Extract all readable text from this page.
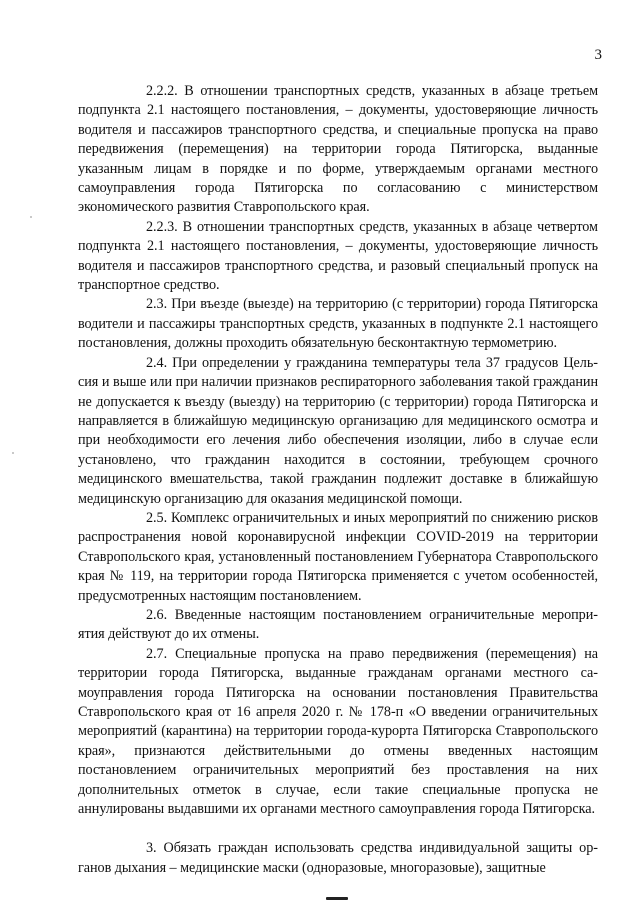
3

2.2.2. В отношении транспортных средств, указанных в абзаце третьем подпункта 2.1 настоящего постановления, – документы, удостоверяющие личность водителя и пассажиров транспортного средства, и специальные пропуска на право передвижения (перемещения) на территории города Пятигорска, выданные указанным лицам в порядке и по форме, утверждаемым органами местного самоуправления города Пятигорска по согласованию с министерством экономического развития Ставропольского края.

2.2.3. В отношении транспортных средств, указанных в абзаце четвертом подпункта 2.1 настоящего постановления, – документы, удостоверяющие личность водителя и пассажиров транспортного средства, и разовый специальный пропуск на транспортное средство.

2.3. При въезде (выезде) на территорию (с территории) города Пятигорска водители и пассажиры транспортных средств, указанных в подпункте 2.1 настоящего постановления, должны проходить обязательную бесконтактную термометрию.

2.4. При определении у гражданина температуры тела 37 градусов Цельсия и выше или при наличии признаков респираторного заболевания такой гражданин не допускается к въезду (выезду) на территорию (с территории) города Пятигорска и направляется в ближайшую медицинскую организацию для медицинского осмотра и при необходимости его лечения либо обеспечения изоляции, либо в случае если установлено, что гражданин находится в состоянии, требующем срочного медицинского вмешательства, такой гражданин подлежит доставке в ближайшую медицинскую организацию для оказания медицинской помощи.

2.5. Комплекс ограничительных и иных мероприятий по снижению рисков распространения новой коронавирусной инфекции COVID-2019 на территории Ставропольского края, установленный постановлением Губернатора Ставропольского края № 119, на территории города Пятигорска применяется с учетом особенностей, предусмотренных настоящим постановлением.

2.6. Введенные настоящим постановлением ограничительные мероприятия действуют до их отмены.

2.7. Специальные пропуска на право передвижения (перемещения) на территории города Пятигорска, выданные гражданам органами местного самоуправления города Пятигорска на основании постановления Правительства Ставропольского края от 16 апреля 2020 г. № 178-п «О введении ограничительных мероприятий (карантина) на территории города-курорта Пятигорска Ставропольского края», признаются действительными до отмены введенных настоящим постановлением ограничительных мероприятий без проставления на них дополнительных отметок в случае, если такие специальные пропуска не аннулированы выдавшими их органами местного самоуправления города Пятигорска.

3. Обязать граждан использовать средства индивидуальной защиты органов дыхания – медицинские маски (одноразовые, многоразовые), защитные
